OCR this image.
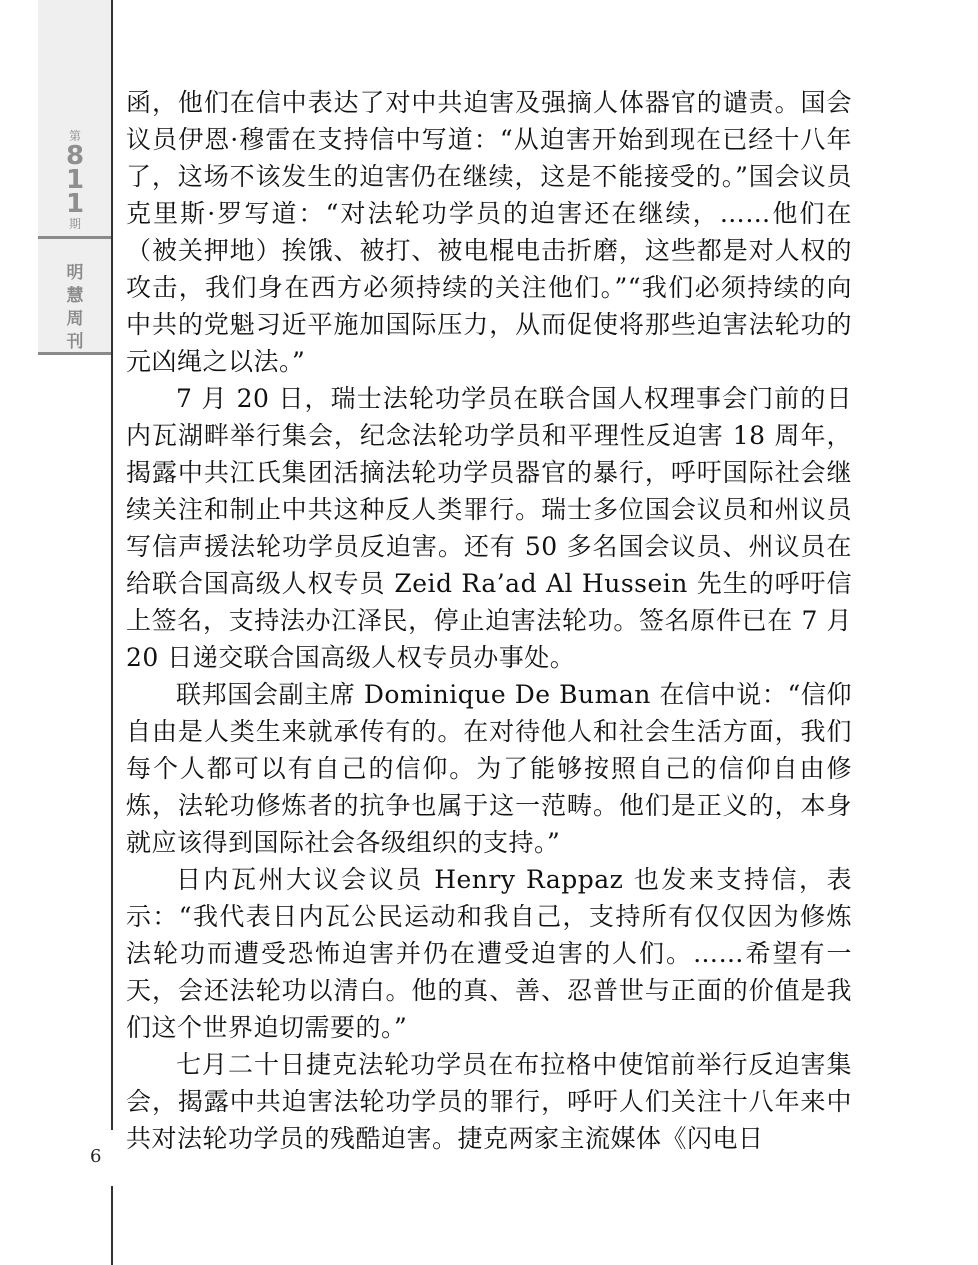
第
8
1
1
期
明
慧
周
刊

函，他们在信中表达了对中共迫害及强摘人体器官的谴责。国会议员伊恩·穆雷在支持信中写道：“从迫害开始到现在已经十八年了，这场不该发生的迫害仍在继续，这是不能接受的。”国会议员克里斯·罗写道：“对法轮功学员的迫害还在继续，……他们在（被关押地）挨饿、被打、被电棍电击折磨，这些都是对人权的攻击，我们身在西方必须持续的关注他们。”“我们必须持续的向中共的党魁习近平施加国际压力，从而促使将那些迫害法轮功的元凶绳之以法。”

7 月 20 日，瑞士法轮功学员在联合国人权理事会门前的日内瓦湖畔举行集会，纪念法轮功学员和平理性反迫害 18 周年，揭露中共江氏集团活摘法轮功学员器官的暴行，呼吁国际社会继续关注和制止中共这种反人类罪行。瑞士多位国会议员和州议员写信声援法轮功学员反迫害。还有 50 多名国会议员、州议员在给联合国高级人权专员 Zeid Ra’ad Al Hussein 先生的呼吁信上签名，支持法办江泽民，停止迫害法轮功。签名原件已在 7 月 20 日递交联合国高级人权专员办事处。

联邦国会副主席 Dominique De Buman 在信中说：“信仰自由是人类生来就承传有的。在对待他人和社会生活方面，我们每个人都可以有自己的信仰。为了能够按照自己的信仰自由修炼，法轮功修炼者的抗争也属于这一范畴。他们是正义的，本身就应该得到国际社会各级组织的支持。”

日内瓦州大议会议员 Henry Rappaz 也发来支持信，表示：“我代表日内瓦公民运动和我自己，支持所有仅仅因为修炼法轮功而遭受恐怖迫害并仍在遭受迫害的人们。……希望有一天，会还法轮功以清白。他的真、善、忍普世与正面的价值是我们这个世界迫切需要的。”

七月二十日捷克法轮功学员在布拉格中使馆前举行反迫害集会，揭露中共迫害法轮功学员的罪行，呼吁人们关注十八年来中共对法轮功学员的残酷迫害。捷克两家主流媒体《闪电日

6
